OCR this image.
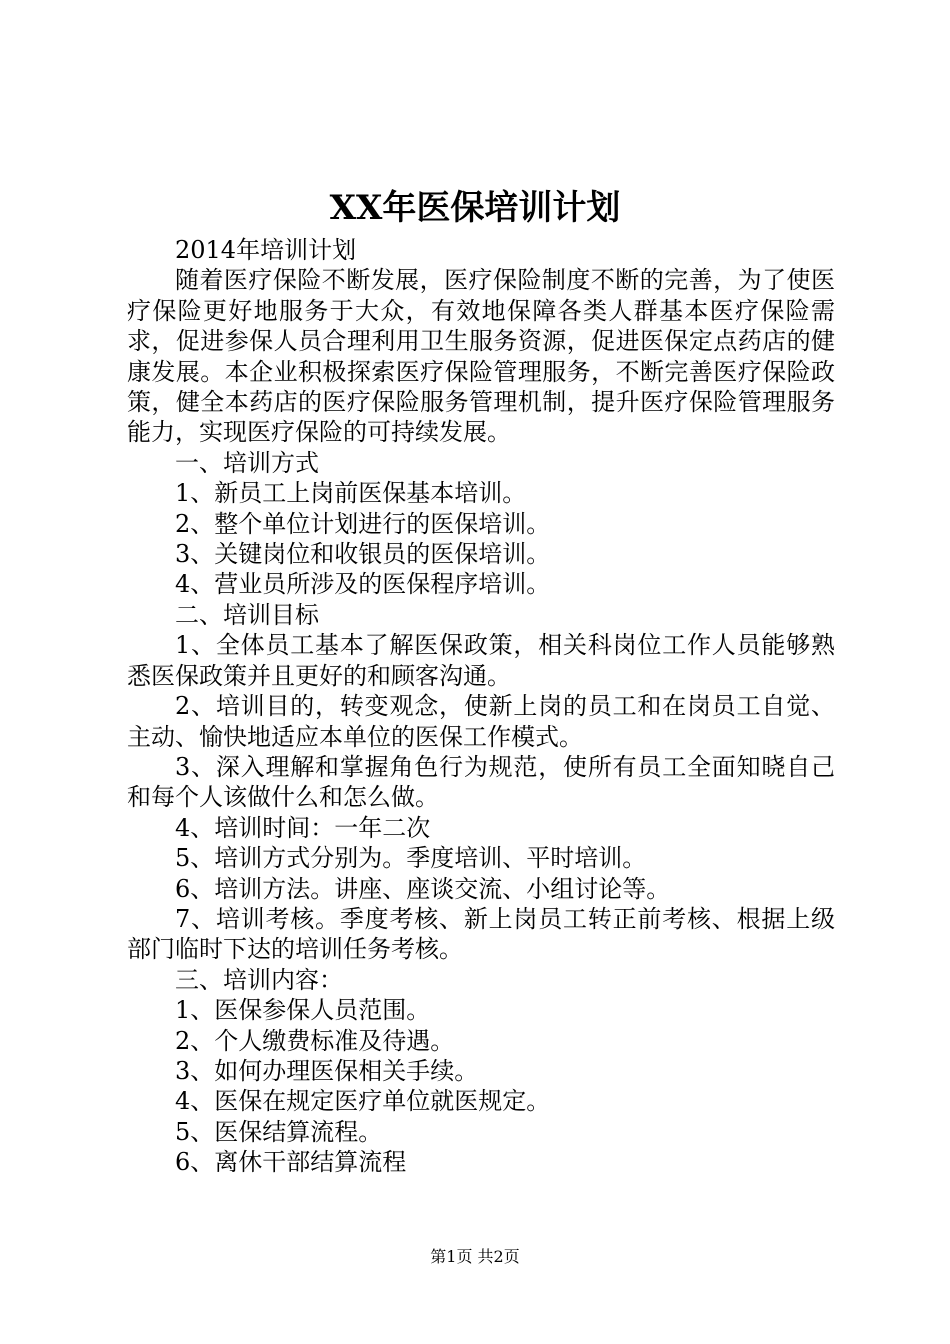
XX年医保培训计划

2014年培训计划

随着医疗保险不断发展，医疗保险制度不断的完善，为了使医疗保险更好地服务于大众，有效地保障各类人群基本医疗保险需求，促进参保人员合理利用卫生服务资源，促进医保定点药店的健康发展。本企业积极探索医疗保险管理服务，不断完善医疗保险政策，健全本药店的医疗保险服务管理机制，提升医疗保险管理服务能力，实现医疗保险的可持续发展。

一、培训方式

1、新员工上岗前医保基本培训。

2、整个单位计划进行的医保培训。

3、关键岗位和收银员的医保培训。

4、营业员所涉及的医保程序培训。

二、培训目标

1、全体员工基本了解医保政策，相关科岗位工作人员能够熟悉医保政策并且更好的和顾客沟通。

2、培训目的，转变观念，使新上岗的员工和在岗员工自觉、主动、愉快地适应本单位的医保工作模式。

3、深入理解和掌握角色行为规范，使所有员工全面知晓自己和每个人该做什么和怎么做。

4、培训时间：一年二次

5、培训方式分别为。季度培训、平时培训。

6、培训方法。讲座、座谈交流、小组讨论等。

7、培训考核。季度考核、新上岗员工转正前考核、根据上级部门临时下达的培训任务考核。

三、培训内容：

1、医保参保人员范围。

2、个人缴费标准及待遇。

3、如何办理医保相关手续。

4、医保在规定医疗单位就医规定。

5、医保结算流程。

6、离休干部结算流程

第1页 共2页
